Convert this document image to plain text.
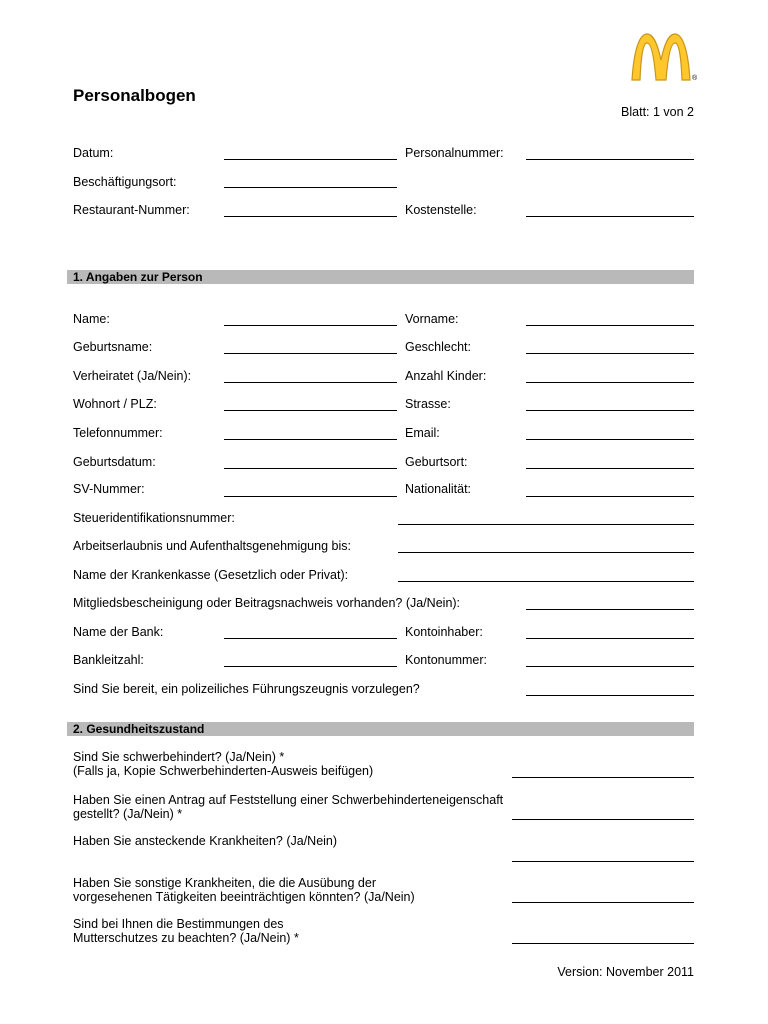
®
Personalbogen
Blatt: 1 von 2
Datum:	Personalnummer:
Beschäftigungsort:
Restaurant-Nummer:	Kostenstelle:
1. Angaben zur Person
Name:	Vorname:
Geburtsname:	Geschlecht:
Verheiratet (Ja/Nein):	Anzahl Kinder:
Wohnort / PLZ:	Strasse:
Telefonnummer:	Email:
Geburtsdatum:	Geburtsort:
SV-Nummer:	Nationalität:
Steueridentifikationsnummer:
Arbeitserlaubnis und Aufenthaltsgenehmigung bis:
Name der Krankenkasse (Gesetzlich oder Privat):
Mitgliedsbescheinigung oder Beitragsnachweis vorhanden? (Ja/Nein):
Name der Bank:	Kontoinhaber:
Bankleitzahl:	Kontonummer:
Sind Sie bereit, ein polizeiliches Führungszeugnis vorzulegen?
2. Gesundheitszustand
Sind Sie schwerbehindert? (Ja/Nein) *
(Falls ja, Kopie Schwerbehinderten-Ausweis beifügen)
Haben Sie einen Antrag auf Feststellung einer Schwerbehinderteneigenschaft
gestellt? (Ja/Nein) *
Haben Sie ansteckende Krankheiten? (Ja/Nein)
Haben Sie sonstige Krankheiten, die die Ausübung der
vorgesehenen Tätigkeiten beeinträchtigen könnten? (Ja/Nein)
Sind bei Ihnen die Bestimmungen des
Mutterschutzes zu beachten? (Ja/Nein) *
Version: November 2011
